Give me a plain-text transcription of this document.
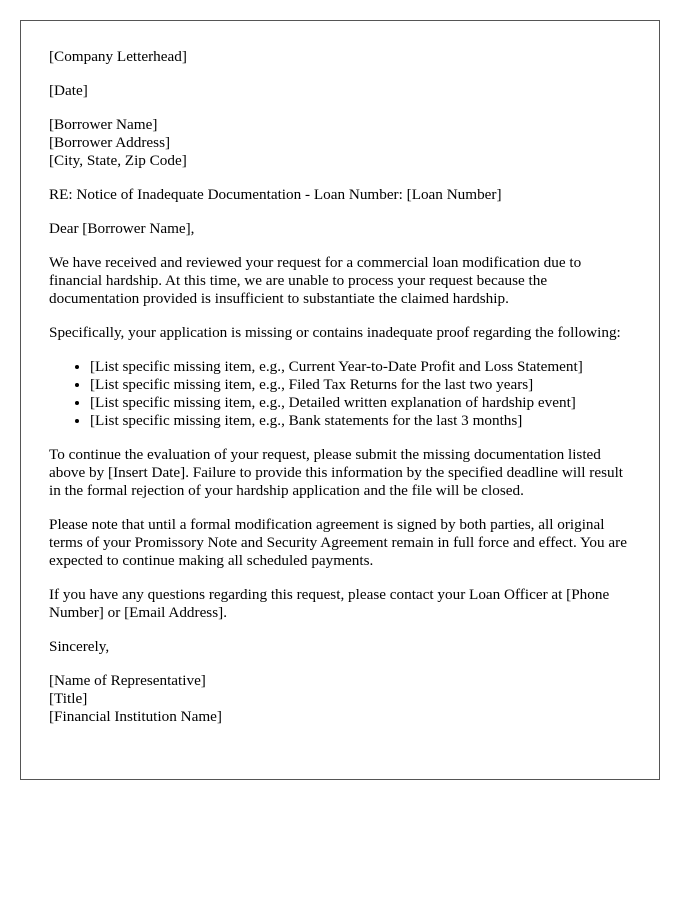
[Company Letterhead]

[Date]

[Borrower Name]
[Borrower Address]
[City, State, Zip Code]

RE: Notice of Inadequate Documentation - Loan Number: [Loan Number]

Dear [Borrower Name],

We have received and reviewed your request for a commercial loan modification due to financial hardship. At this time, we are unable to process your request because the documentation provided is insufficient to substantiate the claimed hardship.

Specifically, your application is missing or contains inadequate proof regarding the following:

• [List specific missing item, e.g., Current Year-to-Date Profit and Loss Statement]
• [List specific missing item, e.g., Filed Tax Returns for the last two years]
• [List specific missing item, e.g., Detailed written explanation of hardship event]
• [List specific missing item, e.g., Bank statements for the last 3 months]

To continue the evaluation of your request, please submit the missing documentation listed above by [Insert Date]. Failure to provide this information by the specified deadline will result in the formal rejection of your hardship application and the file will be closed.

Please note that until a formal modification agreement is signed by both parties, all original terms of your Promissory Note and Security Agreement remain in full force and effect. You are expected to continue making all scheduled payments.

If you have any questions regarding this request, please contact your Loan Officer at [Phone Number] or [Email Address].

Sincerely,

[Name of Representative]
[Title]
[Financial Institution Name]
